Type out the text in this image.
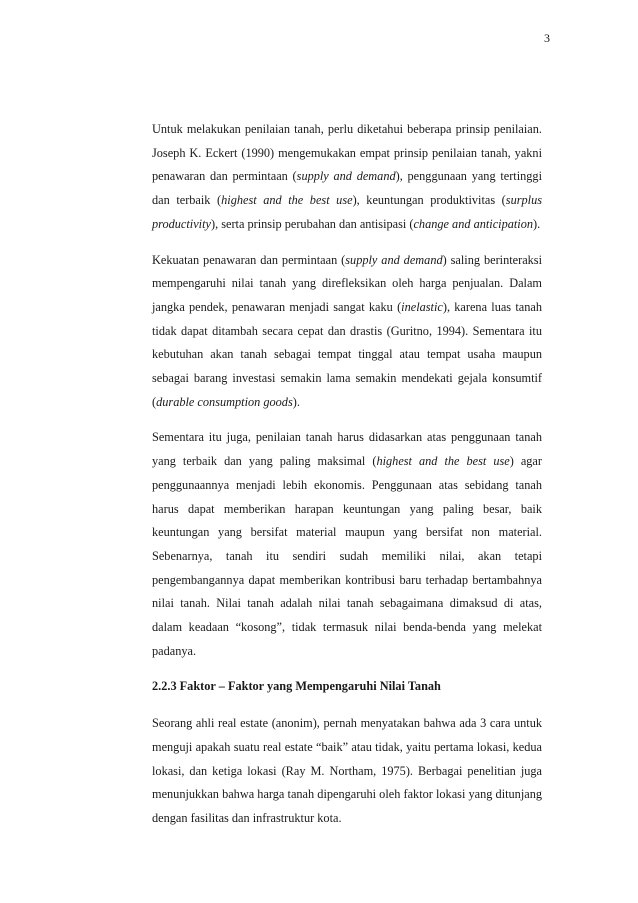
3

Untuk melakukan penilaian tanah, perlu diketahui beberapa prinsip penilaian. Joseph K. Eckert (1990) mengemukakan empat prinsip penilaian tanah, yakni penawaran dan permintaan (supply and demand), penggunaan yang tertinggi dan terbaik (highest and the best use), keuntungan produktivitas (surplus productivity), serta prinsip perubahan dan antisipasi (change and anticipation).

Kekuatan penawaran dan permintaan (supply and demand) saling berinteraksi mempengaruhi nilai tanah yang direfleksikan oleh harga penjualan. Dalam jangka pendek, penawaran menjadi sangat kaku (inelastic), karena luas tanah tidak dapat ditambah secara cepat dan drastis (Guritno, 1994). Sementara itu kebutuhan akan tanah sebagai tempat tinggal atau tempat usaha maupun sebagai barang investasi semakin lama semakin mendekati gejala konsumtif (durable consumption goods).

Sementara itu juga, penilaian tanah harus didasarkan atas penggunaan tanah yang terbaik dan yang paling maksimal (highest and the best use) agar penggunaannya menjadi lebih ekonomis. Penggunaan atas sebidang tanah harus dapat memberikan harapan keuntungan yang paling besar, baik keuntungan yang bersifat material maupun yang bersifat non material. Sebenarnya, tanah itu sendiri sudah memiliki nilai, akan tetapi pengembangannya dapat memberikan kontribusi baru terhadap bertambahnya nilai tanah. Nilai tanah adalah nilai tanah sebagaimana dimaksud di atas, dalam keadaan “kosong”, tidak termasuk nilai benda-benda yang melekat padanya.

2.2.3 Faktor – Faktor yang Mempengaruhi Nilai Tanah

Seorang ahli real estate (anonim), pernah menyatakan bahwa ada 3 cara untuk menguji apakah suatu real estate “baik” atau tidak, yaitu pertama lokasi, kedua lokasi, dan ketiga lokasi (Ray M. Northam, 1975). Berbagai penelitian juga menunjukkan bahwa harga tanah dipengaruhi oleh faktor lokasi yang ditunjang dengan fasilitas dan infrastruktur kota.
